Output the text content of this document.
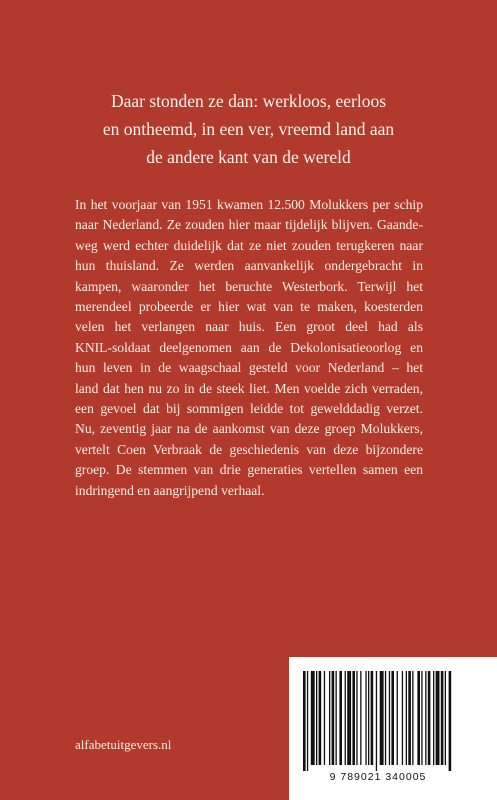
Daar stonden ze dan: werkloos, eerloos
en ontheemd, in een ver, vreemd land aan
de andere kant van de wereld

In het voorjaar van 1951 kwamen 12.500 Molukkers per schip
naar Nederland. Ze zouden hier maar tijdelijk blijven. Gaande-
weg werd echter duidelijk dat ze niet zouden terugkeren naar
hun thuisland. Ze werden aanvankelijk ondergebracht in
kampen, waaronder het beruchte Westerbork. Terwijl het
merendeel probeerde er hier wat van te maken, koesterden
velen het verlangen naar huis. Een groot deel had als
KNIL-soldaat deelgenomen aan de Dekolonisatieoorlog en
hun leven in de waagschaal gesteld voor Nederland – het
land dat hen nu zo in de steek liet. Men voelde zich verraden,
een gevoel dat bij sommigen leidde tot gewelddadig verzet.
Nu, zeventig jaar na de aankomst van deze groep Molukkers,
vertelt Coen Verbraak de geschiedenis van deze bijzondere
groep. De stemmen van drie generaties vertellen samen een
indringend en aangrijpend verhaal.

alfabetuitgevers.nl
9 789021 340005
